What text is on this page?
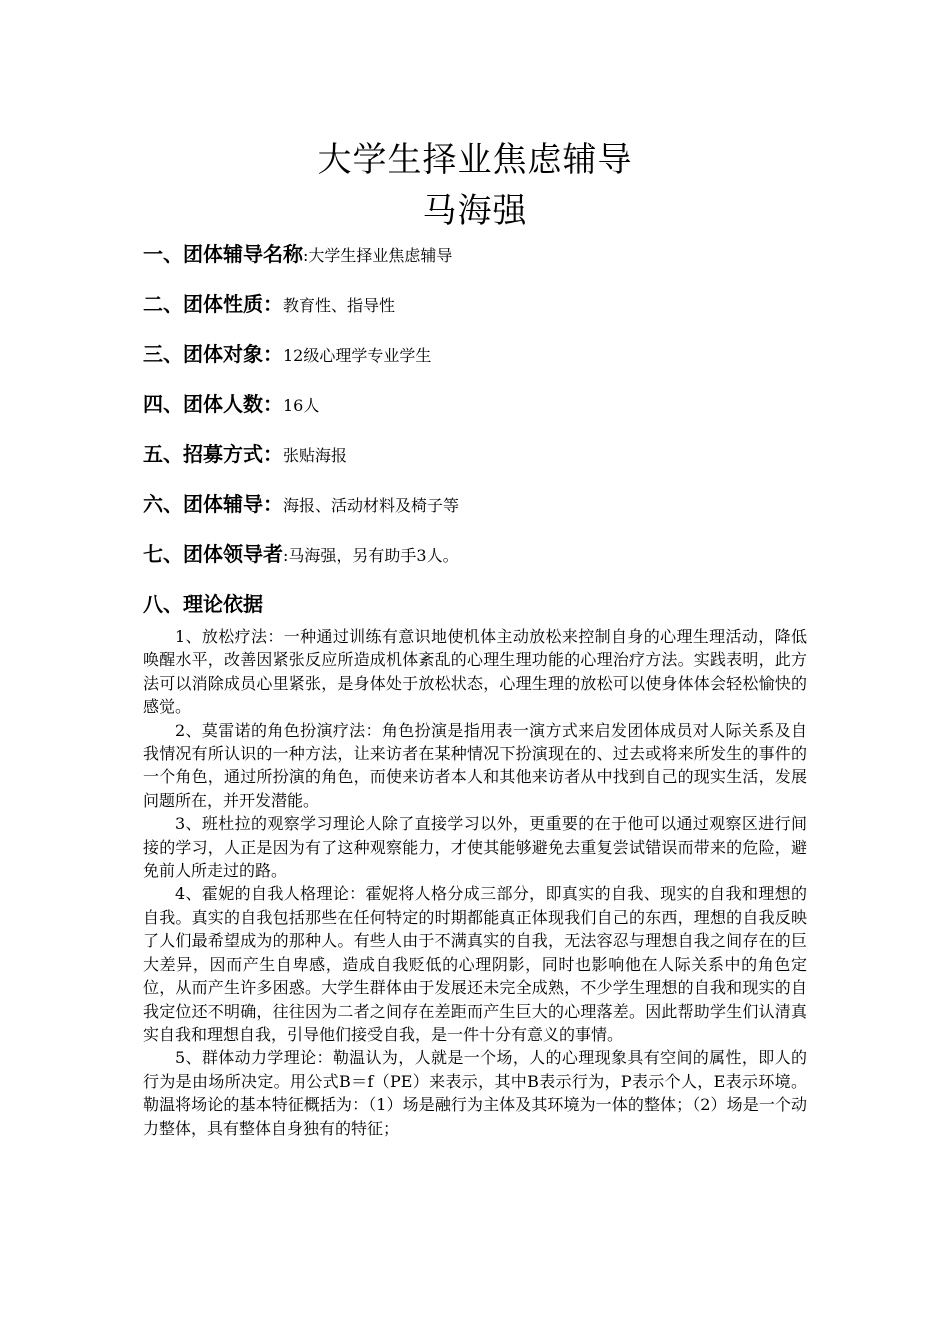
大学生择业焦虑辅导
马海强
一、团体辅导名称:大学生择业焦虑辅导
二、团体性质：教育性、指导性
三、团体对象：12级心理学专业学生
四、团体人数：16人
五、招募方式：张贴海报
六、团体辅导：海报、活动材料及椅子等
七、团体领导者:马海强，另有助手3人。
八、理论依据

1、放松疗法：一种通过训练有意识地使机体主动放松来控制自身的心理生理活动，降低唤醒水平，改善因紧张反应所造成机体紊乱的心理生理功能的心理治疗方法。实践表明，此方法可以消除成员心里紧张，是身体处于放松状态，心理生理的放松可以使身体体会轻松愉快的感觉。

2、莫雷诺的角色扮演疗法：角色扮演是指用表一演方式来启发团体成员对人际关系及自我情况有所认识的一种方法，让来访者在某种情况下扮演现在的、过去或将来所发生的事件的一个角色，通过所扮演的角色，而使来访者本人和其他来访者从中找到自己的现实生活，发展问题所在，并开发潜能。

3、班杜拉的观察学习理论人除了直接学习以外，更重要的在于他可以通过观察区进行间接的学习，人正是因为有了这种观察能力，才使其能够避免去重复尝试错误而带来的危险，避免前人所走过的路。

4、霍妮的自我人格理论：霍妮将人格分成三部分，即真实的自我、现实的自我和理想的自我。真实的自我包括那些在任何特定的时期都能真正体现我们自己的东西，理想的自我反映了人们最希望成为的那种人。有些人由于不满真实的自我，无法容忍与理想自我之间存在的巨大差异，因而产生自卑感，造成自我贬低的心理阴影，同时也影响他在人际关系中的角色定位，从而产生许多困惑。大学生群体由于发展还未完全成熟，不少学生理想的自我和现实的自我定位还不明确，往往因为二者之间存在差距而产生巨大的心理落差。因此帮助学生们认清真实自我和理想自我，引导他们接受自我，是一件十分有意义的事情。

5、群体动力学理论：勒温认为，人就是一个场，人的心理现象具有空间的属性，即人的行为是由场所决定。用公式B＝f（PE）来表示，其中B表示行为，P表示个人，E表示环境。勒温将场论的基本特征概括为：（1）场是融行为主体及其环境为一体的整体；（2）场是一个动力整体，具有整体自身独有的特征；
